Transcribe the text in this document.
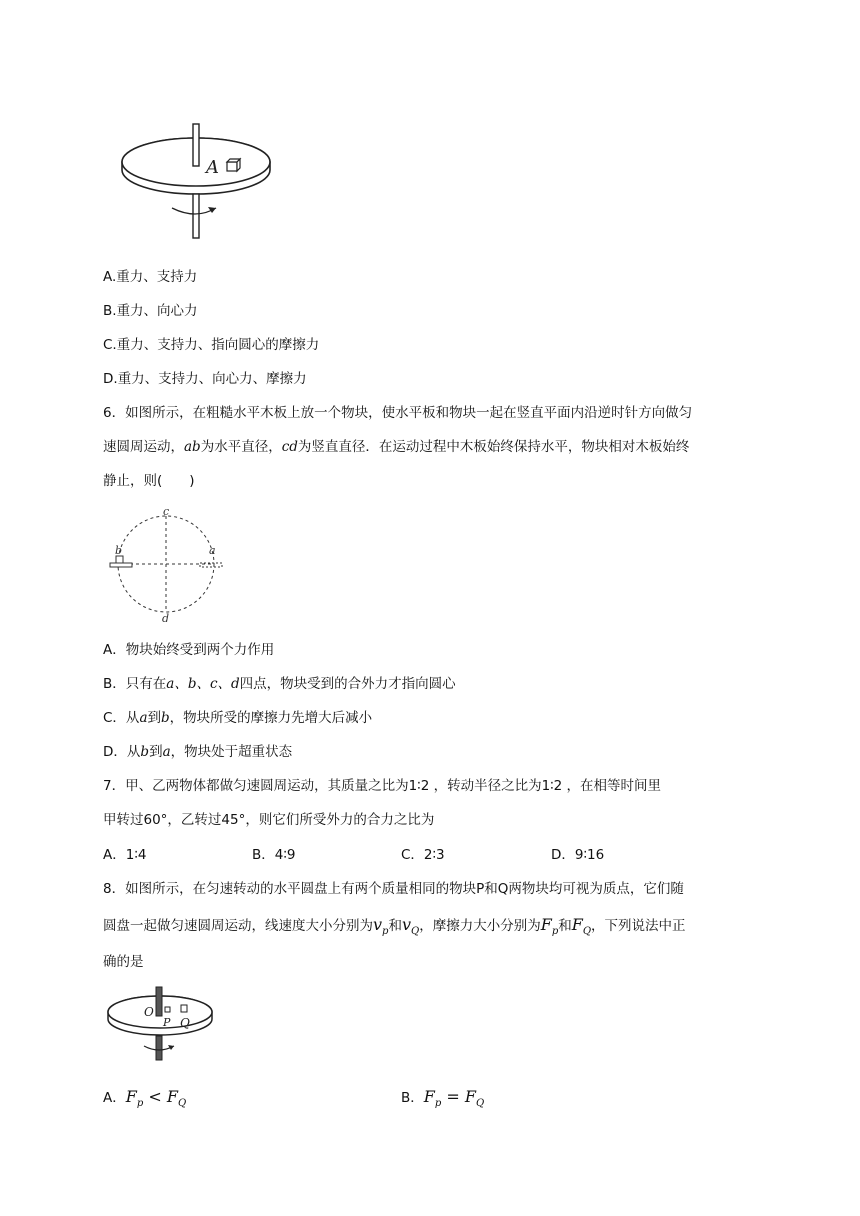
A
A.重力、支持力
B.重力、向心力
C.重力、支持力、指向圆心的摩擦力
D.重力、支持力、向心力、摩擦力
6．如图所示，在粗糙水平木板上放一个物块，使水平板和物块一起在竖直平面内沿逆时针方向做匀
速圆周运动，ab为水平直径，cd为竖直直径．在运动过程中木板始终保持水平，物块相对木板始终
静止，则(　　)
b	a
c
d
A．物块始终受到两个力作用
B．只有在a、b、c、d四点，物块受到的合外力才指向圆心
C．从a到b，物块所受的摩擦力先增大后减小
D．从b到a，物块处于超重状态
7．甲、乙两物体都做匀速圆周运动，其质量之比为1∶2 ，转动半径之比为1∶2 ，在相等时间里
甲转过60°，乙转过45°，则它们所受外力的合力之比为
A．1∶4	B．4∶9	C．2∶3	D．9∶16
8．如图所示，在匀速转动的水平圆盘上有两个质量相同的物块P和Q两物块均可视为质点，它们随
圆盘一起做匀速圆周运动，线速度大小分别为$v_p$和$v_Q$，摩擦力大小分别为$F_p$和$F_Q$，下列说法中正
确的是
O
P Q
A．$F_p < F_Q$	B．$F_p = F_Q$
